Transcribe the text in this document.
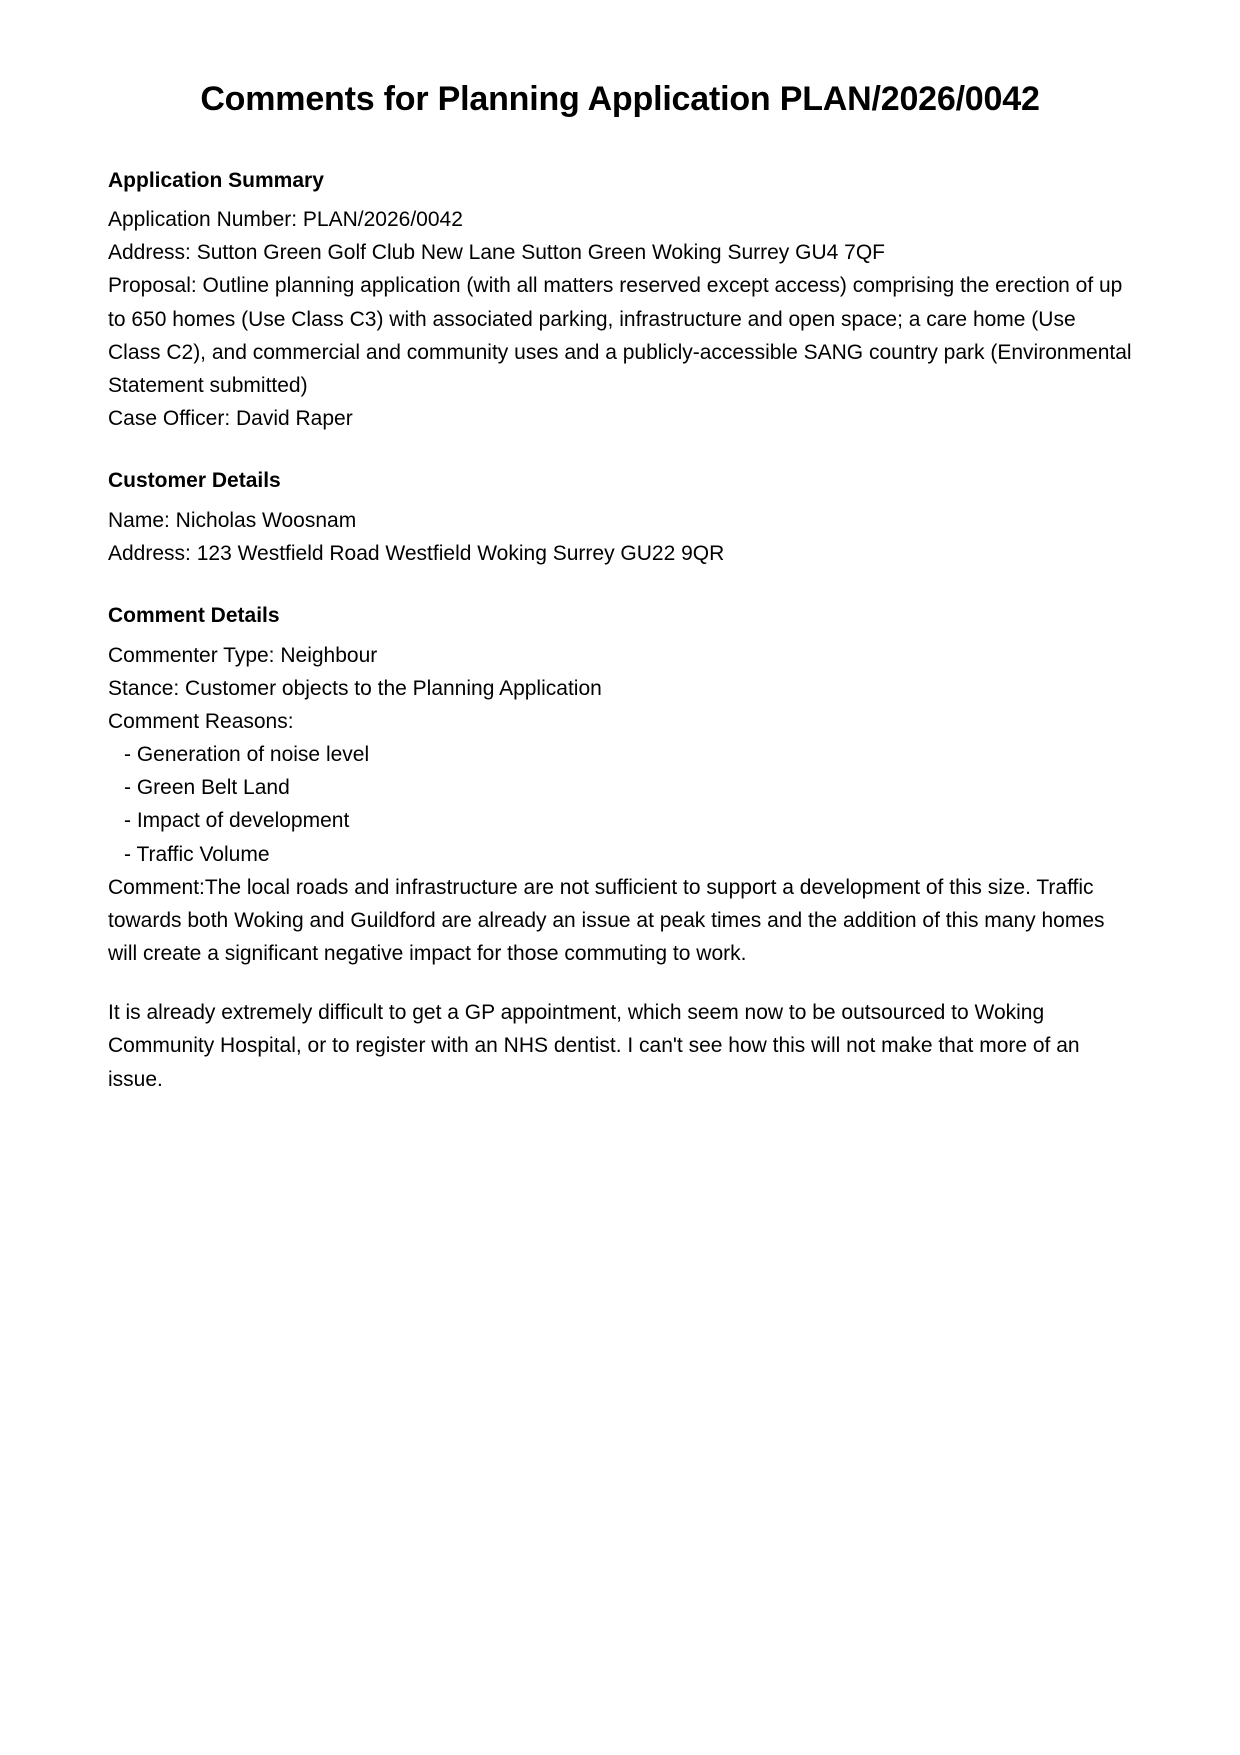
Comments for Planning Application PLAN/2026/0042
Application Summary

Application Number: PLAN/2026/0042

Address: Sutton Green Golf Club New Lane Sutton Green Woking Surrey GU4 7QF

Proposal: Outline planning application (with all matters reserved except access) comprising the erection of up to 650 homes (Use Class C3) with associated parking, infrastructure and open space; a care home (Use Class C2), and commercial and community uses and a publicly-accessible SANG country park (Environmental Statement submitted)

Case Officer: David Raper

Customer Details

Name: Nicholas Woosnam

Address: 123 Westfield Road Westfield Woking Surrey GU22 9QR

Comment Details

Commenter Type: Neighbour

Stance: Customer objects to the Planning Application

Comment Reasons:

- Generation of noise level
- Green Belt Land
- Impact of development
- Traffic Volume

Comment:The local roads and infrastructure are not sufficient to support a development of this size. Traffic towards both Woking and Guildford are already an issue at peak times and the addition of this many homes will create a significant negative impact for those commuting to work.

It is already extremely difficult to get a GP appointment, which seem now to be outsourced to Woking Community Hospital, or to register with an NHS dentist. I can't see how this will not make that more of an issue.
